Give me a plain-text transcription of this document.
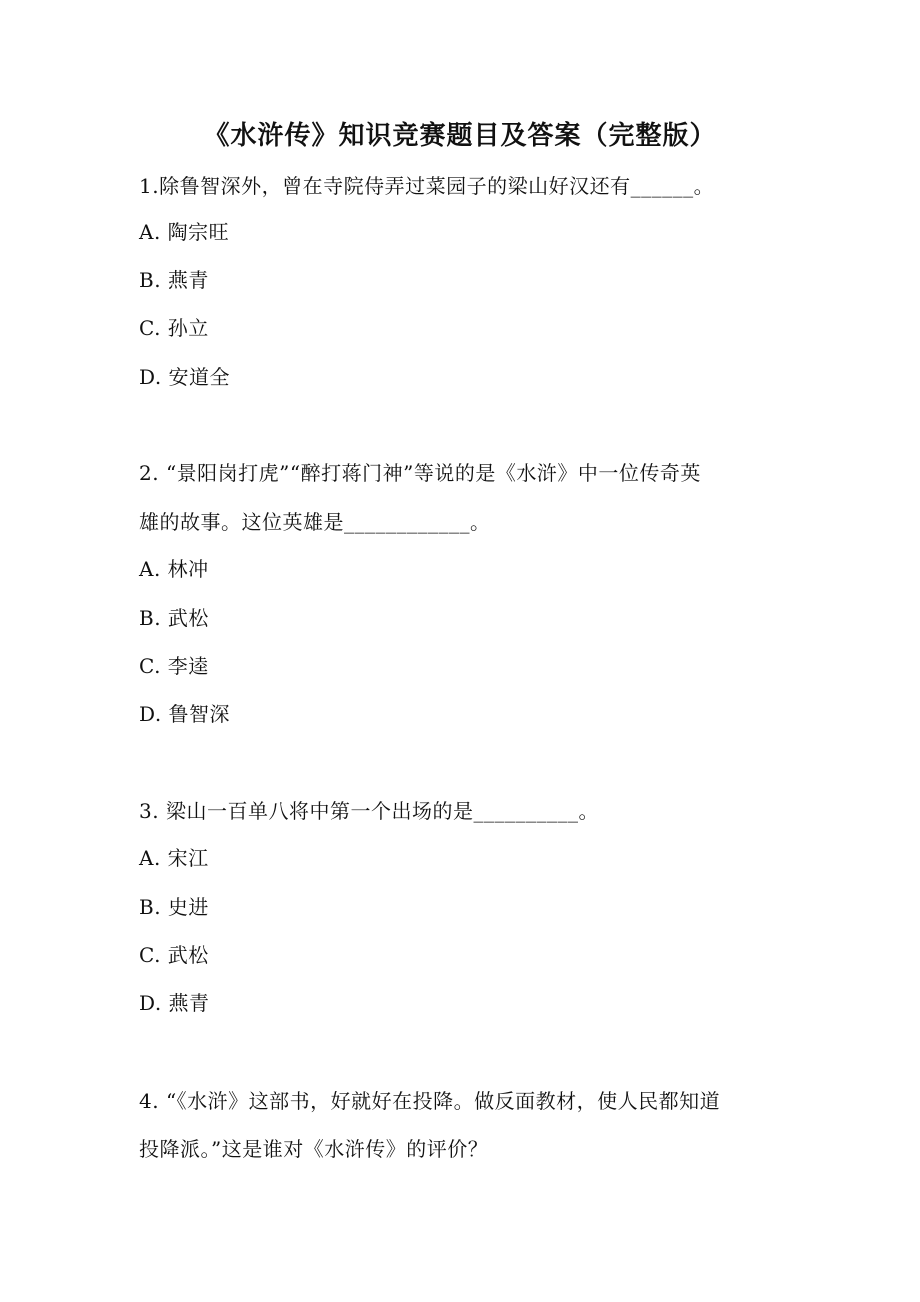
《水浒传》知识竞赛题目及答案（完整版）
1.除鲁智深外，曾在寺院侍弄过菜园子的梁山好汉还有______。
A. 陶宗旺
B. 燕青
C. 孙立
D. 安道全
2. “景阳岗打虎”“醉打蒋门神”等说的是《水浒》中一位传奇英
雄的故事。这位英雄是____________。
A. 林冲
B. 武松
C. 李逵
D. 鲁智深
3. 梁山一百单八将中第一个出场的是__________。
A. 宋江
B. 史进
C. 武松
D. 燕青
4. “《水浒》这部书，好就好在投降。做反面教材，使人民都知道
投降派。”这是谁对《水浒传》的评价？
